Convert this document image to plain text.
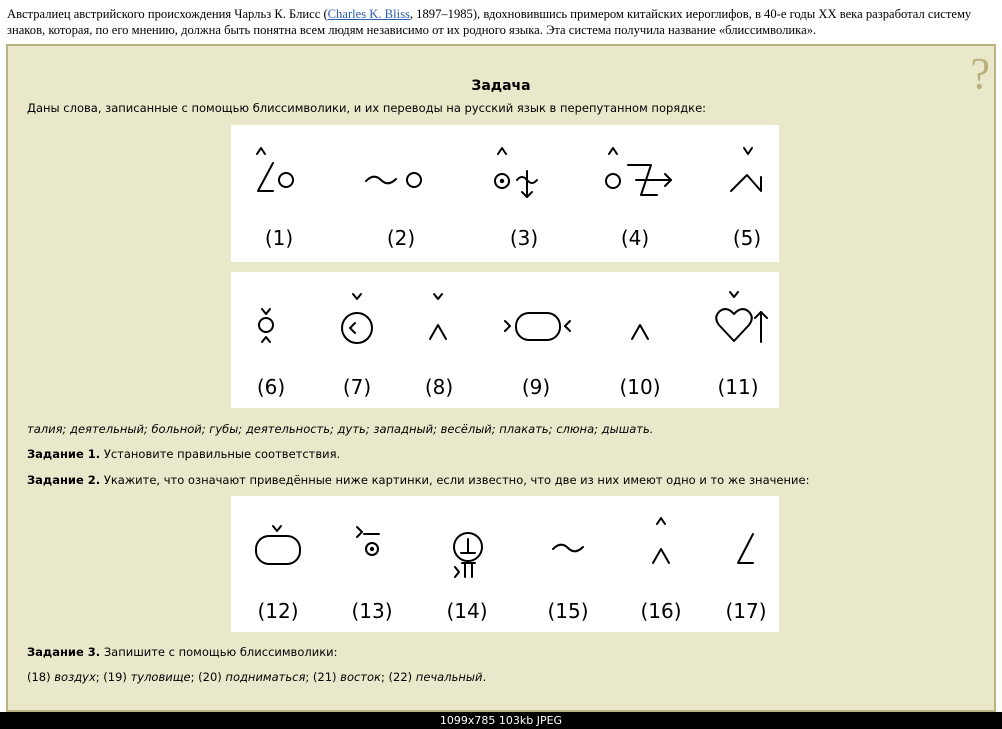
Австралиец австрийского происхождения Чарльз К. Блисс (Charles K. Bliss, 1897–1985), вдохновившись примером китайских иероглифов, в 40-е годы XX века разработал систему знаков, которая, по его мнению, должна быть понятна всем людям независимо от их родного языка. Эта система получила название «блиссимволика».
?
Задача
Даны слова, записанные с помощью блиссимволики, и их переводы на русский язык в перепутанном порядке:
(1)	(2)	(3)	(4)	(5)
(6)	(7)	(8)	(9)	(10)	(11)
талия; деятельный; больной; губы; деятельность; дуть; западный; весёлый; плакать; слюна; дышать.
Задание 1. Установите правильные соответствия.
Задание 2. Укажите, что означают приведённые ниже картинки, если известно, что две из них имеют одно и то же значение:
(12)	(13)	(14)	(15)	(16) (17)
Задание 3. Запишите с помощью блиссимволики:
(18) воздух; (19) туловище; (20) подниматься; (21) восток; (22) печальный.
1099x785 103kb JPEG
